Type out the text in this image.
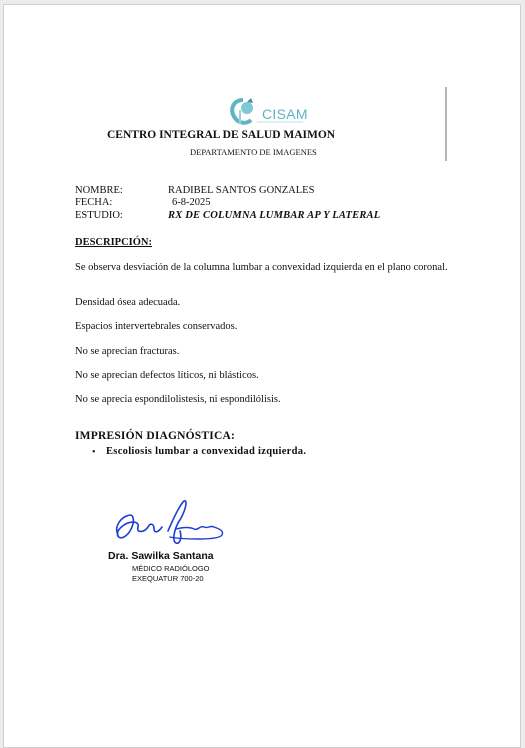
CISAM
CENTRO INTEGRAL DE SALUD MAIMON
DEPARTAMENTO DE IMAGENES
NOMBRE:	RADIBEL SANTOS GONZALES
FECHA:	6-8-2025
ESTUDIO:	RX DE COLUMNA LUMBAR AP Y LATERAL
DESCRIPCIÓN:
Se observa desviación de la columna lumbar a convexidad izquierda en el plano coronal.
Densidad ósea adecuada.
Espacios intervertebrales conservados.
No se aprecian fracturas.
No se aprecian defectos líticos, ni blásticos.
No se aprecia espondilolistesis, ni espondilólisis.
IMPRESIÓN DIAGNÓSTICA:
• Escoliosis lumbar a convexidad izquierda.
Dra. Sawilka Santana
MÉDICO RADIÓLOGO
EXEQUATUR 700-20
